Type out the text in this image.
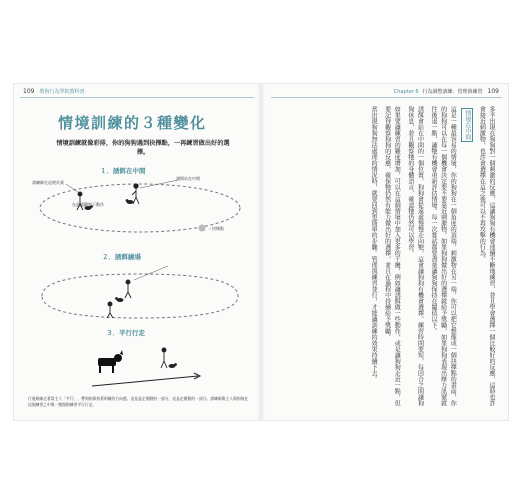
109 教狗行為學院教科書
情境訓練的３種變化
情境訓練就像彩排，你的狗狗遇到抉擇點，一再練習做出好的選擇。
１．誘餌在中間
訓練師在這裡負責
在此處觀察下動作
誘餌站在中間
＝抉擇點
２．誘餌繞場
３．平行行走
行進路線走著當主人「平行」，帶狗狗保持著明確的方向感。這是是走開動的一部分，這是走開動的一部分。訓練師與主人與狗狗在這個練習之中與一整個路練習平行行走。
Chapter 6 行為調整訓練：管理與練習 109

多半出現在狗狗對一個刺激的反應，這讓狗狗有機會連續不斷地練習，並且學會選擇一個比較好的反應，這時也許會接近刺激物，也許會選擇在這之後可以不再攻擊的行為。

情境在中間

這是一種最容易的情境，你的狗狗在一個角度的頂端，刺激物在另一端，你可以把它想像成一個抉擇點的畫面，你的狗狗可以在每一個機會決定要不要靠近刺激物。如果狗狗做出好的選擇就給予獎勵，如果狗狗表現出壓力訊號就往後退一點，讓牠有機會重新評估情境。每一次嘗試都要盡量讓狗狗保持在閾值以下。

誘餌會站在中間的一個位置，狗狗會從遠處慢慢走向牠，這會讓狗狗有機會選擇。練習時間要短，每回合之間讓狗狗休息，並且觀察牠的身體語言，確認牠仍然可以學習。

如果要讓練習的難度增加，可以在這個情境中加入更多的干擾，例如讓誘餌做一些動作，或是讓狗狗走近一點，但要記得觀察狗狗的反應，確保牠仍然有能力做出好的選擇，並且在過程中持續給予獎勵。

當出現狗狗無法處理的情況時，就要回到更簡單的步驟。管理與練習並行，才能讓訓練的效果持續下去。
